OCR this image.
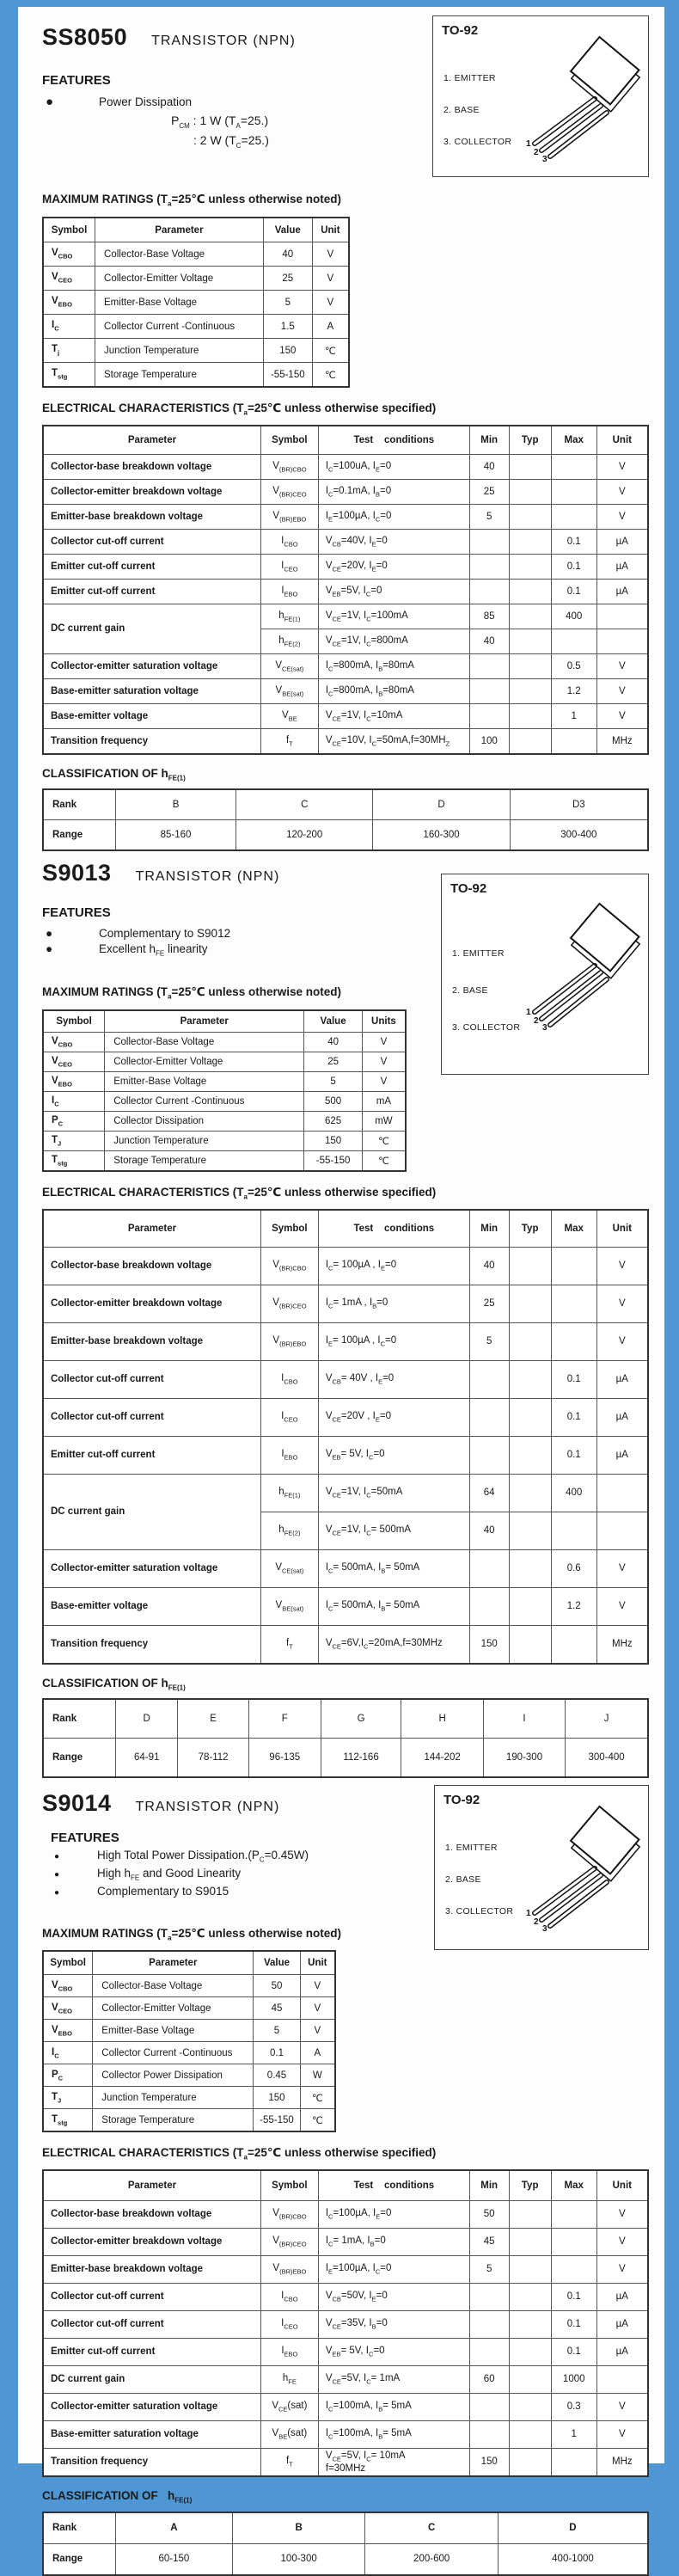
SS8050 TRANSISTOR (NPN)
TO-92
1. EMITTER
2. BASE
3. COLLECTOR 1
2
3
FEATURES
●	Power Dissipation
$P_{CM}$ : 1 W $(T_A=25.)$
: 2 W $(T_C=25.)$
MAXIMUM RATINGS ($T_a=25℃$ unless otherwise noted)
Symbol	Parameter	Value	Unit
$V_{CBO}$	Collector-Base Voltage	40	V
$V_{CEO}$	Collector-Emitter Voltage	25	V
$V_{EBO}$	Emitter-Base Voltage	5	V
$I_C$	Collector Current -Continuous	1.5	A
$T_j$	Junction Temperature	150	℃
$T_{stg}$	Storage Temperature	-55-150	℃
ELECTRICAL CHARACTERISTICS ($T_a=25℃$ unless otherwise specified)
Parameter	Symbol	Test    conditions	Min	Typ	Max	Unit
Collector-base breakdown voltage	$V_{(BR)CBO}$	$I_C=100uA$, $I_E=0$	40			V
Collector-emitter breakdown voltage	$V_{(BR)CEO}$	$I_C=0.1mA$, $I_B=0$	25			V
Emitter-base breakdown voltage	$V_{(BR)EBO}$	$I_E=100\mu A$, $I_C=0$	5			V
Collector cut-off current	$I_{CBO}$	$V_{CB}=40V$, $I_E=0$			0.1	µA
Emitter cut-off current	$I_{CEO}$	$V_{CE}=20V$, $I_E=0$			0.1	µA
Emitter cut-off current	$I_{EBO}$	$V_{EB}=5V$, $I_C=0$			0.1	µA
DC current gain	$h_{FE(1)}$	$V_{CE}=1V$, $I_C=100mA$	85		400	
	$h_{FE(2)}$	$V_{CE}=1V$, $I_C=800mA$	40			
Collector-emitter saturation voltage	$V_{CE(sat)}$	$I_C=800mA$, $I_B=80mA$			0.5	V
Base-emitter saturation voltage	$V_{BE(sat)}$	$I_C=800mA$, $I_B=80mA$			1.2	V
Base-emitter voltage	$V_{BE}$	$V_{CE}=1V$, $I_C=10mA$			1	V
Transition frequency	$f_T$	$V_{CE}=10V$, $I_C=50mA,f=30MH_Z$	100			MHz
CLASSIFICATION OF $h_{FE(1)}$
Rank	B	C	D	D3
Range	85-160	120-200	160-300	300-400
S9013 TRANSISTOR (NPN)
TO-92
1. EMITTER
2. BASE
3. COLLECTOR
1
2
3
FEATURES
●	Complementary to S9012
●	Excellent $h_{FE}$ linearity
MAXIMUM RATINGS ($T_a=25℃$ unless otherwise noted)
Symbol	Parameter	Value	Units
$V_{CBO}$	Collector-Base Voltage	40	V
$V_{CEO}$	Collector-Emitter Voltage	25	V
$V_{EBO}$	Emitter-Base Voltage	5	V
$I_C$	Collector Current -Continuous	500	mA
$P_C$	Collector Dissipation	625	mW
$T_J$	Junction Temperature	150	℃
$T_{stg}$	Storage Temperature	-55-150	℃
ELECTRICAL CHARACTERISTICS ($T_a=25℃$ unless otherwise specified)
Parameter	Symbol	Test    conditions	Min	Typ	Max	Unit
Collector-base breakdown voltage	$V_{(BR)CBO}$	$I_C= 100\mu A$ , $I_E=0$	40			V
Collector-emitter breakdown voltage	$V_{(BR)CEO}$	$I_C= 1mA$ , $I_B=0$	25			V
Emitter-base breakdown voltage	$V_{(BR)EBO}$	$I_E= 100\mu A$ , $I_C=0$	5			V
Collector cut-off current	$I_{CBO}$	$V_{CB}= 40V$ , $I_E=0$			0.1	µA
Collector cut-off current	$I_{CEO}$	$V_{CE}=20V$ , $I_E=0$			0.1	µA
Emitter cut-off current	$I_{EBO}$	$V_{EB}= 5V$, $I_C=0$			0.1	µA
DC current gain	$h_{FE(1)}$	$V_{CE}=1V$, $I_C=50mA$	64		400	
	$h_{FE(2)}$	$V_{CE}=1V$, $I_C= 500mA$	40			
Collector-emitter saturation voltage	$V_{CE(sat)}$	$I_C= 500mA$, $I_B= 50mA$			0.6	V
Base-emitter voltage	$V_{BE(sat)}$	$I_C= 500mA$, $I_B= 50mA$			1.2	V
Transition frequency	$f_T$	$V_{CE}=6V,I_C=20mA,f=30MHz$	150			MHz
CLASSIFICATION OF $h_{FE(1)}$
Rank	D	E	F	G	H	I	J
Range	64-91	78-112	96-135	112-166	144-202	190-300	300-400
S9014 TRANSISTOR (NPN)	TO-92
1. EMITTER
2. BASE
3. COLLECTOR 1
2
3
FEATURES
●	High Total Power $Dissipation.(P_C=0.45W)$
●	High $h_{FE}$ and Good Linearity
●	Complementary to S9015
MAXIMUM RATINGS ($T_a=25℃$ unless otherwise noted)
Symbol	Parameter	Value	Unit
$V_{CBO}$	Collector-Base Voltage	50	V
$V_{CEO}$	Collector-Emitter Voltage	45	V
$V_{EBO}$	Emitter-Base Voltage	5	V
$I_C$	Collector Current -Continuous	0.1	A
$P_C$	Collector Power Dissipation	0.45	W
$T_J$	Junction Temperature	150	℃
$T_{stg}$	Storage Temperature	-55-150	℃
ELECTRICAL CHARACTERISTICS ($T_a=25℃$ unless otherwise specified)
Parameter	Symbol	Test    conditions	Min	Typ	Max	Unit
Collector-base breakdown voltage	$V_{(BR)CBO}$	$I_C=100\mu A$, $I_E=0$	50			V
Collector-emitter breakdown voltage	$V_{(BR)CEO}$	$I_C= 1mA$, $I_B=0$	45			V
Emitter-base breakdown voltage	$V_{(BR)EBO}$	$I_E=100\mu A$, $I_C=0$	5			V
Collector cut-off current	$I_{CBO}$	$V_{CB}=50V$, $I_E=0$			0.1	µA
Collector cut-off current	$I_{CEO}$	$V_{CE}=35V$, $I_B=0$			0.1	µA
Emitter cut-off current	$I_{EBO}$	$V_{EB}= 5V$, $I_C=0$			0.1	µA
DC current gain	$h_{FE}$	$V_{CE}=5V$, $I_C= 1mA$	60		1000	
Collector-emitter saturation voltage	$V_{CE}(sat)$	$I_C=100mA$, $I_B= 5mA$			0.3	V
Base-emitter saturation voltage	$V_{BE}(sat)$	$I_C=100mA$, $I_B= 5mA$			1	V
Transition frequency	$f_T$	$V_{CE}=5V$, $I_C= 10mA$
f=30MHz	150			MHz
CLASSIFICATION OF   $h_{FE(1)}$
Rank	A	B	C	D
Range	60-150	100-300	200-600	400-1000
